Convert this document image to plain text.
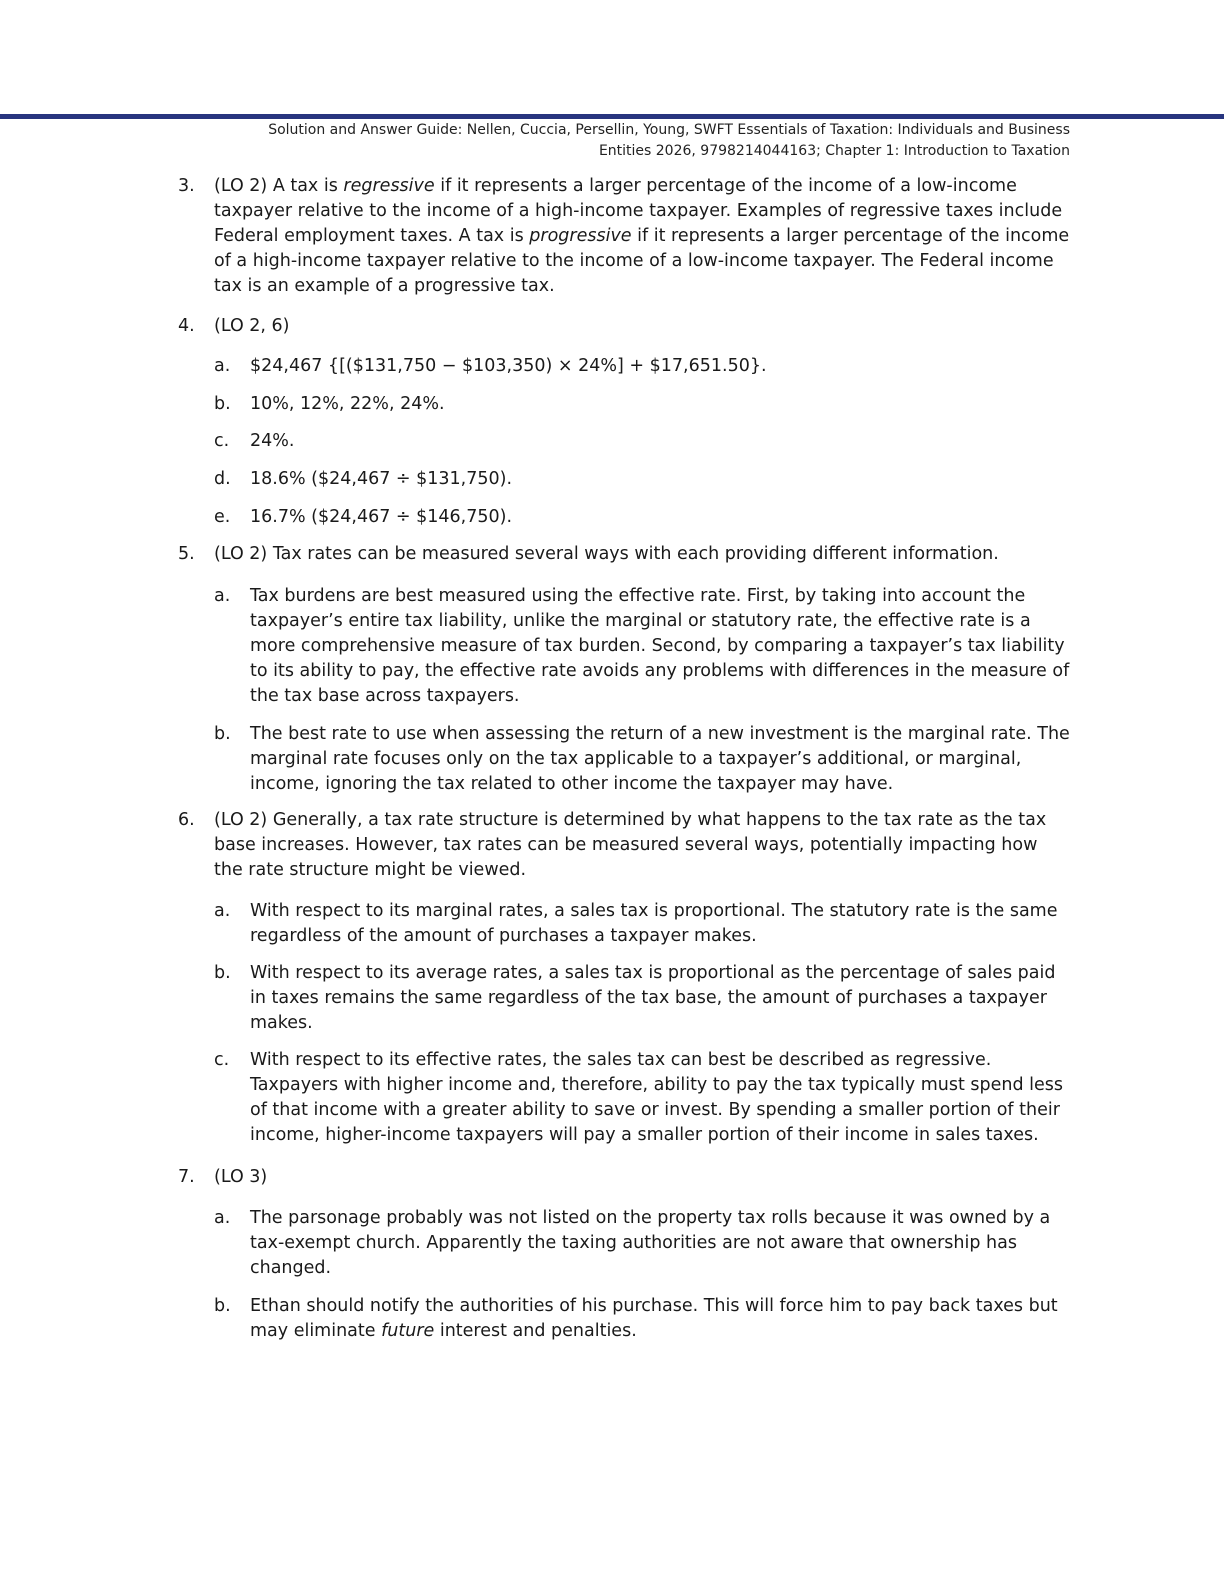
Solution and Answer Guide: Nellen, Cuccia, Persellin, Young, SWFT Essentials of Taxation: Individuals and Business
Entities 2026, 9798214044163; Chapter 1: Introduction to Taxation
3. (LO 2) A tax is regressive if it represents a larger percentage of the income of a low-income taxpayer relative to the income of a high-income taxpayer. Examples of regressive taxes include Federal employment taxes. A tax is progressive if it represents a larger percentage of the income of a high-income taxpayer relative to the income of a low-income taxpayer. The Federal income tax is an example of a progressive tax.
4. (LO 2, 6)
a. $24,467 {[($131,750 − $103,350) × 24%] + $17,651.50}.
b. 10%, 12%, 22%, 24%.
c. 24%.
d. 18.6% ($24,467 ÷ $131,750).
e. 16.7% ($24,467 ÷ $146,750).
5. (LO 2) Tax rates can be measured several ways with each providing different information.
a. Tax burdens are best measured using the effective rate. First, by taking into account the taxpayer’s entire tax liability, unlike the marginal or statutory rate, the effective rate is a more comprehensive measure of tax burden. Second, by comparing a taxpayer’s tax liability to its ability to pay, the effective rate avoids any problems with differences in the measure of the tax base across taxpayers.
b. The best rate to use when assessing the return of a new investment is the marginal rate. The marginal rate focuses only on the tax applicable to a taxpayer’s additional, or marginal, income, ignoring the tax related to other income the taxpayer may have.
6. (LO 2) Generally, a tax rate structure is determined by what happens to the tax rate as the tax base increases. However, tax rates can be measured several ways, potentially impacting how the rate structure might be viewed.
a. With respect to its marginal rates, a sales tax is proportional. The statutory rate is the same regardless of the amount of purchases a taxpayer makes.
b. With respect to its average rates, a sales tax is proportional as the percentage of sales paid in taxes remains the same regardless of the tax base, the amount of purchases a taxpayer makes.
c. With respect to its effective rates, the sales tax can best be described as regressive. Taxpayers with higher income and, therefore, ability to pay the tax typically must spend less of that income with a greater ability to save or invest. By spending a smaller portion of their income, higher-income taxpayers will pay a smaller portion of their income in sales taxes.
7. (LO 3)
a. The parsonage probably was not listed on the property tax rolls because it was owned by a tax-exempt church. Apparently the taxing authorities are not aware that ownership has changed.
b. Ethan should notify the authorities of his purchase. This will force him to pay back taxes but may eliminate future interest and penalties.
